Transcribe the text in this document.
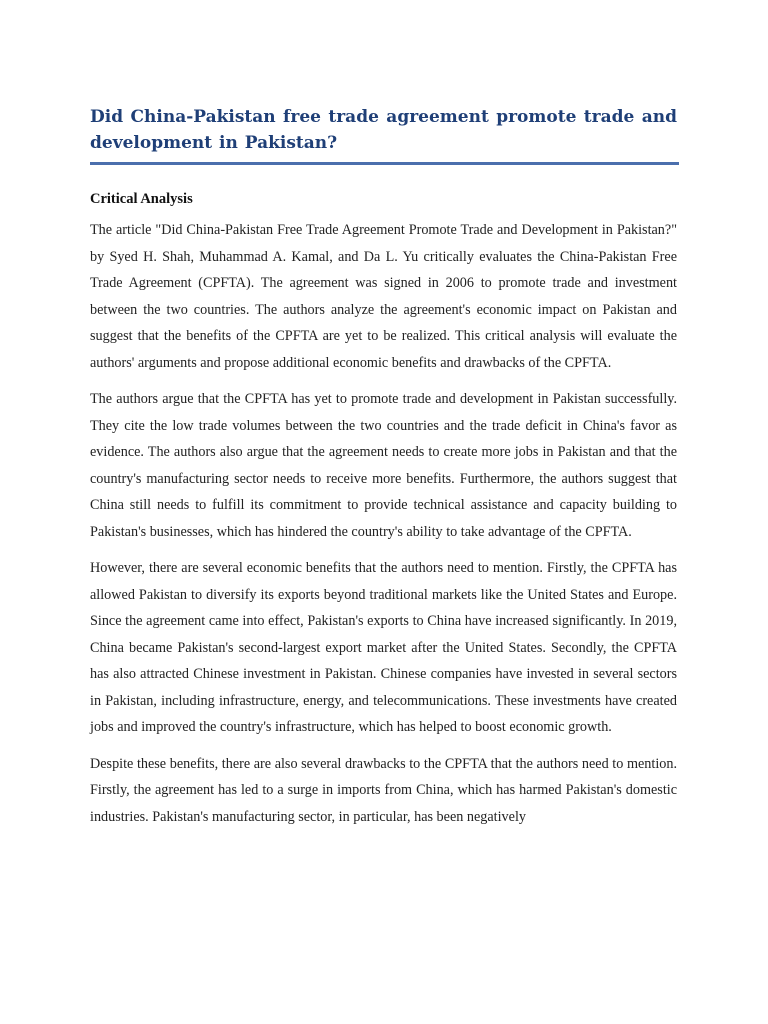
Did China-Pakistan free trade agreement promote trade and development in Pakistan?
Critical Analysis

The article "Did China-Pakistan Free Trade Agreement Promote Trade and Development in Pakistan?" by Syed H. Shah, Muhammad A. Kamal, and Da L. Yu critically evaluates the China-Pakistan Free Trade Agreement (CPFTA). The agreement was signed in 2006 to promote trade and investment between the two countries. The authors analyze the agreement's economic impact on Pakistan and suggest that the benefits of the CPFTA are yet to be realized. This critical analysis will evaluate the authors' arguments and propose additional economic benefits and drawbacks of the CPFTA.

The authors argue that the CPFTA has yet to promote trade and development in Pakistan successfully. They cite the low trade volumes between the two countries and the trade deficit in China's favor as evidence. The authors also argue that the agreement needs to create more jobs in Pakistan and that the country's manufacturing sector needs to receive more benefits. Furthermore, the authors suggest that China still needs to fulfill its commitment to provide technical assistance and capacity building to Pakistan's businesses, which has hindered the country's ability to take advantage of the CPFTA.

However, there are several economic benefits that the authors need to mention. Firstly, the CPFTA has allowed Pakistan to diversify its exports beyond traditional markets like the United States and Europe. Since the agreement came into effect, Pakistan's exports to China have increased significantly. In 2019, China became Pakistan's second-largest export market after the United States. Secondly, the CPFTA has also attracted Chinese investment in Pakistan. Chinese companies have invested in several sectors in Pakistan, including infrastructure, energy, and telecommunications. These investments have created jobs and improved the country's infrastructure, which has helped to boost economic growth.

Despite these benefits, there are also several drawbacks to the CPFTA that the authors need to mention. Firstly, the agreement has led to a surge in imports from China, which has harmed Pakistan's domestic industries. Pakistan's manufacturing sector, in particular, has been negatively
